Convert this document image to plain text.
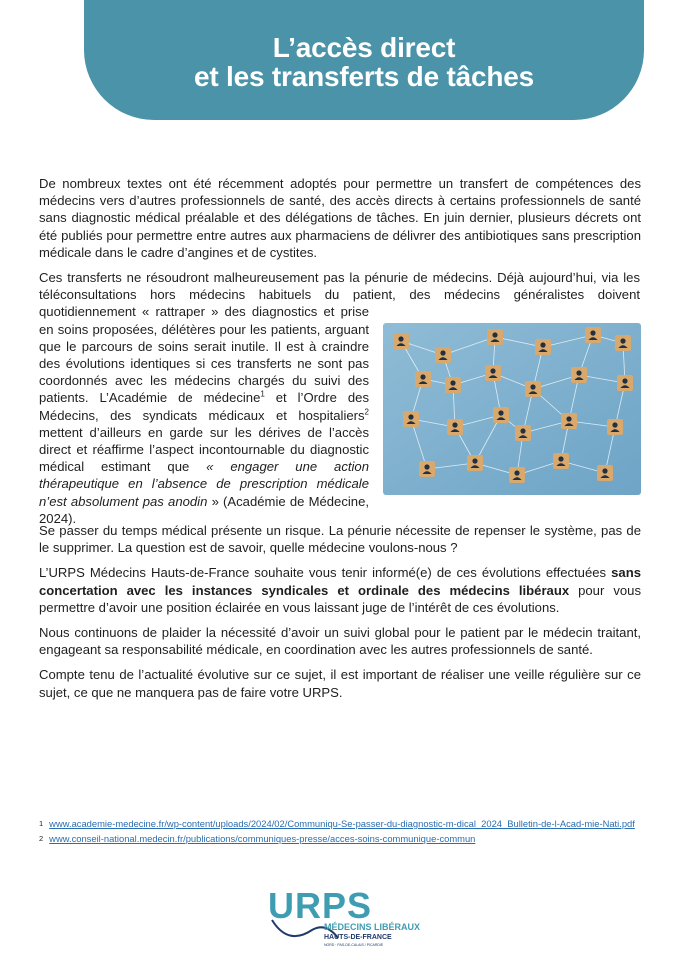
L’accès direct
et les transferts de tâches

De nombreux textes ont été récemment adoptés pour permettre un transfert de compétences des médecins vers d’autres professionnels de santé, des accès directs à certains professionnels de santé sans diagnostic médical préalable et des délégations de tâches. En juin dernier, plusieurs décrets ont été publiés pour permettre entre autres aux pharmaciens de délivrer des antibiotiques sans prescription médicale dans le cadre d’angines et de cystites.

Ces transferts ne résoudront malheureusement pas la pénurie de médecins. Déjà aujourd’hui, via les téléconsultations hors médecins habituels du patient, des médecins généralistes doivent quotidiennement « rattraper » des diagnostics et prise en soins proposées, délétères pour les patients, arguant que le parcours de soins serait inutile. Il est à craindre des évolutions identiques si ces transferts ne sont pas coordonnés avec les médecins chargés du suivi des patients. L’Académie de médecine$^1$ et l’Ordre des Médecins, des syndicats médicaux et hospitaliers$^2$ mettent d’ailleurs en garde sur les dérives de l’accès direct et réaffirme l’aspect incontournable du diagnostic médical estimant que « engager une action thérapeutique en l’absence de prescription médicale n’est absolument pas anodin » (Académie de Médecine, 2024).

Se passer du temps médical présente un risque. La pénurie nécessite de repenser le système, pas de le supprimer. La question est de savoir, quelle médecine voulons-nous ?

L’URPS Médecins Hauts-de-France souhaite vous tenir informé(e) de ces évolutions effectuées sans concertation avec les instances syndicales et ordinale des médecins libéraux pour vous permettre d’avoir une position éclairée en vous laissant juge de l’intérêt de ces évolutions.

Nous continuons de plaider la nécessité d’avoir un suivi global pour le patient par le médecin traitant, engageant sa responsabilité médicale, en coordination avec les autres professionnels de santé.

Compte tenu de l’actualité évolutive sur ce sujet, il est important de réaliser une veille régulière sur ce sujet, ce que ne manquera pas de faire votre URPS.

$^1$ www.academie-medecine.fr/wp-content/uploads/2024/02/Communiqu-Se-passer-du-diagnostic-m-dical_2024_Bulletin-de-l-Acad-mie-Nati.pdf
$^2$ www.conseil-national.medecin.fr/publications/communiques-presse/acces-soins-communique-commun
URPS
MÉDECINS LIBÉRAUX
HAUTS-DE-FRANCE
NORD · PAS-DE-CALAIS / PICARDIE
